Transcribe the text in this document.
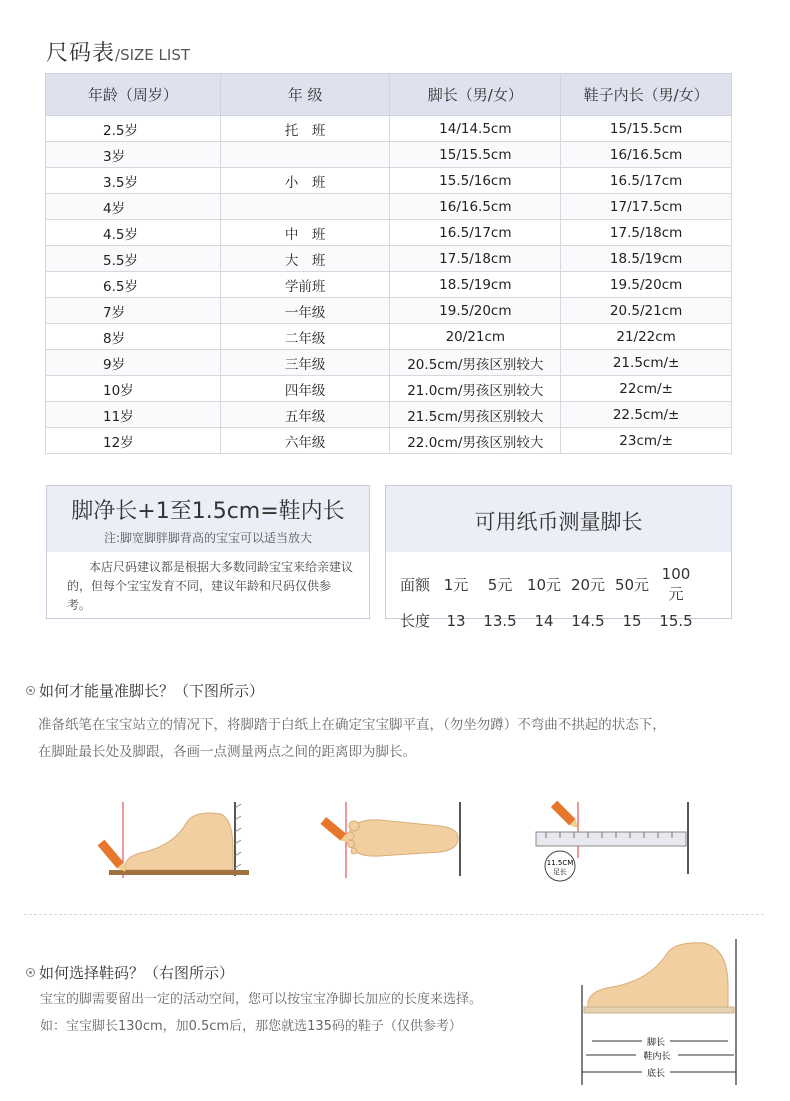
尺码表/SIZE LIST
年龄（周岁）	年 级	脚长（男/女）	鞋子内长（男/女）
2.5岁	托　班	14/14.5cm	15/15.5cm
3岁		15/15.5cm	16/16.5cm
3.5岁	小　班	15.5/16cm	16.5/17cm
4岁		16/16.5cm	17/17.5cm
4.5岁	中　班	16.5/17cm	17.5/18cm
5.5岁	大　班	17.5/18cm	18.5/19cm
6.5岁	学前班	18.5/19cm	19.5/20cm
7岁	一年级	19.5/20cm	20.5/21cm
8岁	二年级	20/21cm	21/22cm
9岁	三年级	20.5cm/男孩区别较大	21.5cm/±
10岁	四年级	21.0cm/男孩区别较大	22cm/±
11岁	五年级	21.5cm/男孩区别较大	22.5cm/±
12岁	六年级	22.0cm/男孩区别较大	23cm/±
脚净长+1至1.5cm=鞋内长
注:脚宽脚胖脚背高的宝宝可以适当放大
本店尺码建议都是根据大多数同龄宝宝来给亲建议的，但每个宝宝发育不同，建议年龄和尺码仅供参考。
可用纸币测量脚长
面额	1元	5元	10元	20元	50元	100元
长度	13	13.5	14	14.5	15	15.5
如何才能量准脚长？（下图所示）
准备纸笔在宝宝站立的情况下，将脚踏于白纸上在确定宝宝脚平直，（勿坐勿蹲）不弯曲不拱起的状态下，
在脚趾最长处及脚跟，各画一点测量两点之间的距离即为脚长。
11.5CM
足长
如何选择鞋码？（右图所示）
宝宝的脚需要留出一定的活动空间，您可以按宝宝净脚长加应的长度来选择。
如：宝宝脚长130cm，加0.5cm后，那您就选135码的鞋子（仅供参考）
脚长
鞋内长
底长
